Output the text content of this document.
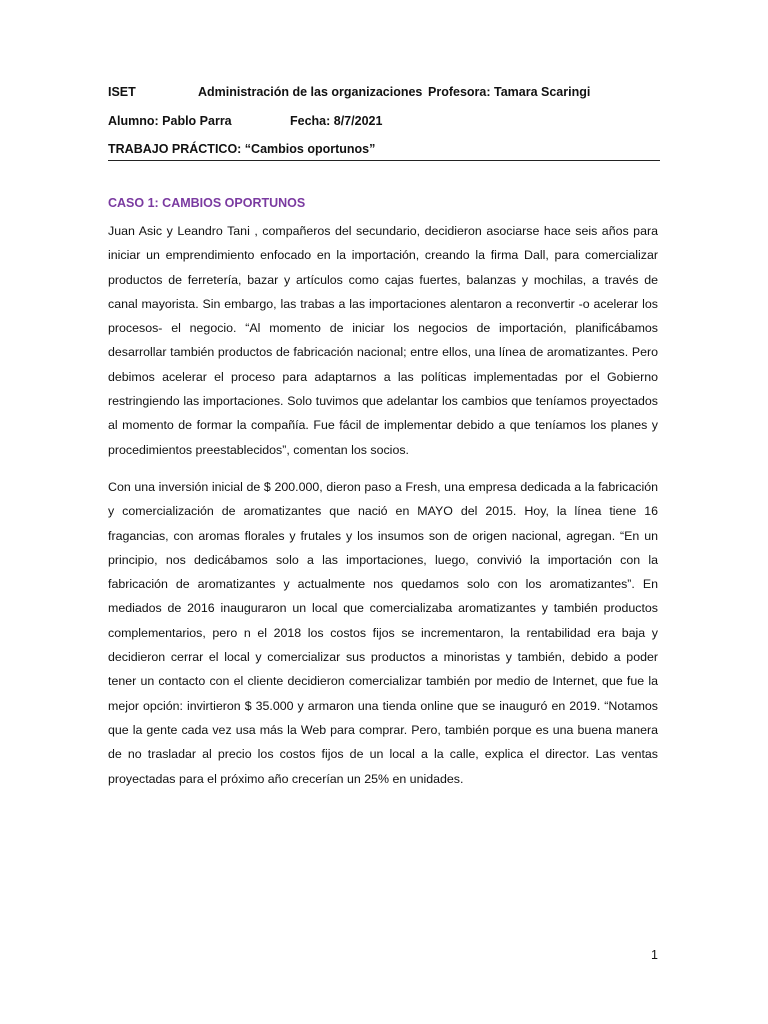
ISET	Administración de las organizaciones Profesora: Tamara Scaringi
Alumno: Pablo Parra	Fecha: 8/7/2021
TRABAJO PRÁCTICO: “Cambios oportunos”
CASO 1: CAMBIOS OPORTUNOS

Juan Asic y Leandro Tani , compañeros del secundario, decidieron asociarse hace seis años para iniciar un emprendimiento enfocado en la importación, creando la firma Dall, para comercializar productos de ferretería, bazar y artículos como cajas fuertes, balanzas y mochilas, a través de canal mayorista. Sin embargo, las trabas a las importaciones alentaron a reconvertir -o acelerar los procesos- el negocio. “Al momento de iniciar los negocios de importación, planificábamos desarrollar también productos de fabricación nacional; entre ellos, una línea de aromatizantes. Pero debimos acelerar el proceso para adaptarnos a las políticas implementadas por el Gobierno restringiendo las importaciones. Solo tuvimos que adelantar los cambios que teníamos proyectados al momento de formar la compañía. Fue fácil de implementar debido a que teníamos los planes y procedimientos preestablecidos”, comentan los socios.

Con una inversión inicial de $ 200.000, dieron paso a Fresh, una empresa dedicada a la fabricación y comercialización de aromatizantes que nació en MAYO del 2015. Hoy, la línea tiene 16 fragancias, con aromas florales y frutales y los insumos son de origen nacional, agregan. “En un principio, nos dedicábamos solo a las importaciones, luego, convivió la importación con la fabricación de aromatizantes y actualmente nos quedamos solo con los aromatizantes”. En mediados de 2016 inauguraron un local que comercializaba aromatizantes y también productos complementarios, pero n el 2018 los costos fijos se incrementaron, la rentabilidad era baja y decidieron cerrar el local y comercializar sus productos a minoristas y también, debido a poder tener un contacto con el cliente decidieron comercializar también por medio de Internet, que fue la mejor opción: invirtieron $ 35.000 y armaron una tienda online que se inauguró en 2019. “Notamos que la gente cada vez usa más la Web para comprar. Pero, también porque es una buena manera de no trasladar al precio los costos fijos de un local a la calle, explica el director. Las ventas proyectadas para el próximo año crecerían un 25% en unidades.

1
